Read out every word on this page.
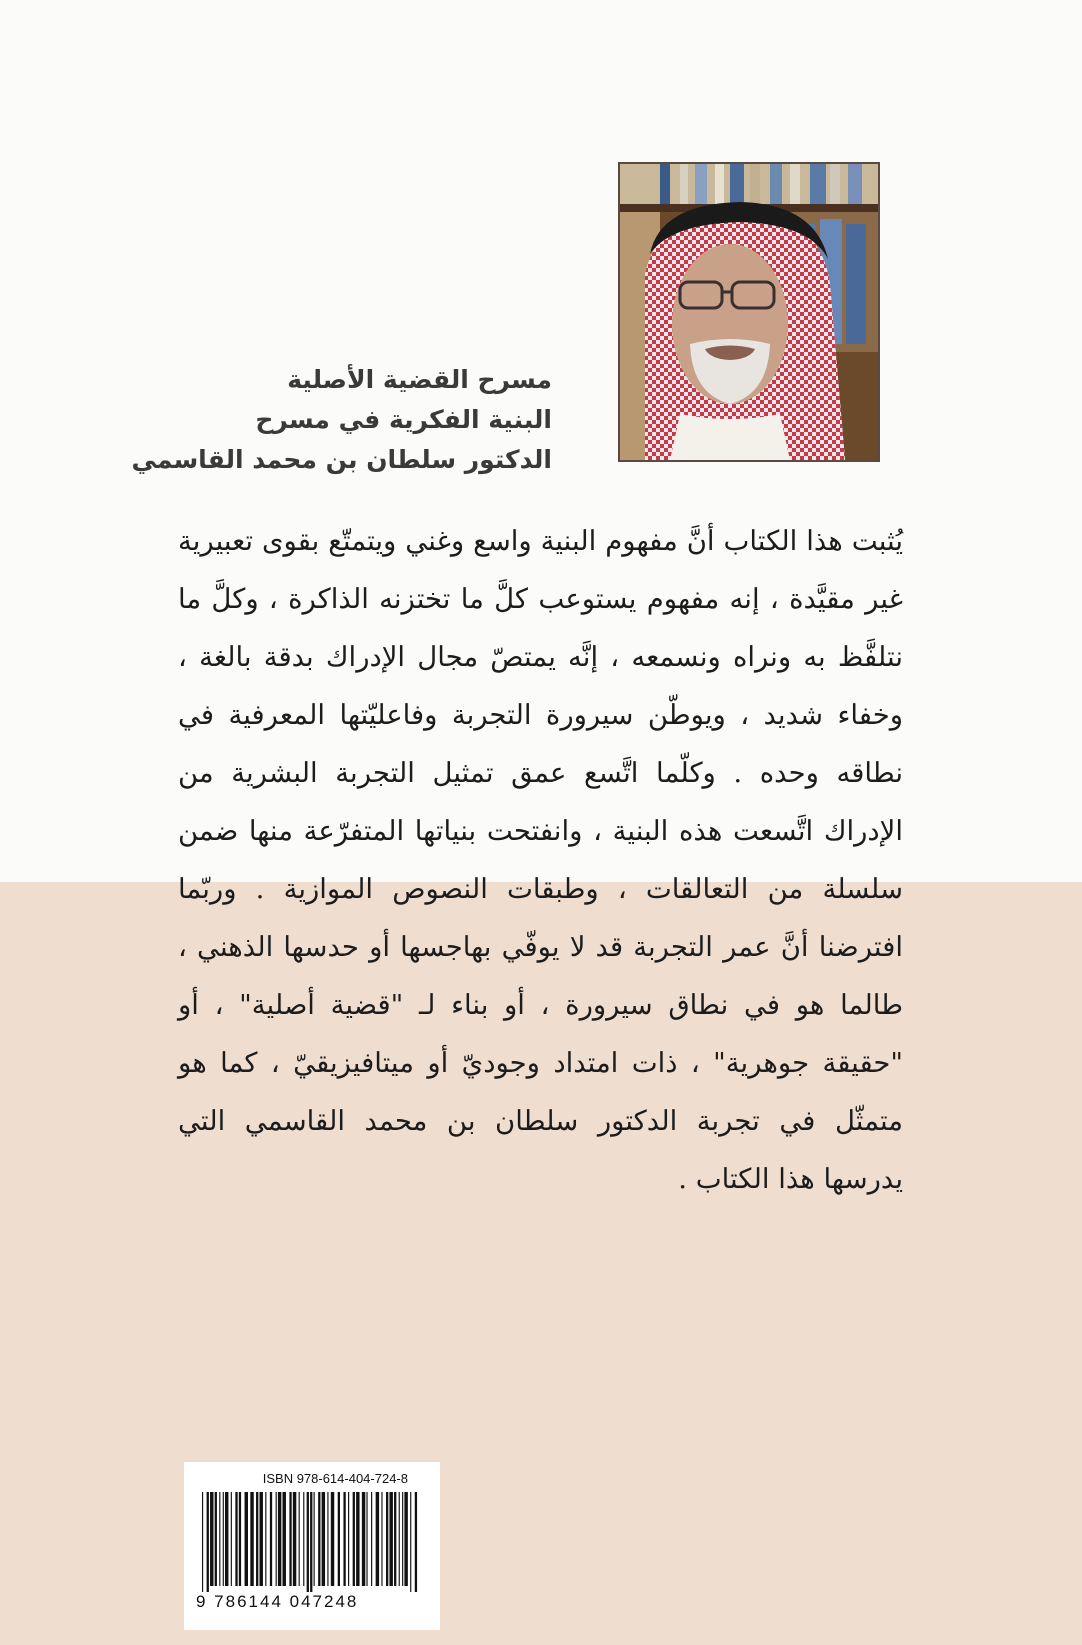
مسرح القضية الأصلية
البنية الفكرية في مسرح
الدكتور سلطان بن محمد القاسمي
يُثبت هذا الكتاب أنَّ مفهوم البنية واسع وغني ويتمتّع بقوى تعبيرية غير مقيَّدة ، إنه مفهوم يستوعب كلَّ ما تختزنه الذاكرة ، وكلَّ ما نتلفَّظ به ونراه ونسمعه ، إنَّه يمتصّ مجال الإدراك بدقة بالغة ، وخفاء شديد ، ويوطّن سيرورة التجربة وفاعليّتها المعرفية في نطاقه وحده . وكلّما اتَّسع عمق تمثيل التجربة البشرية من الإدراك اتَّسعت هذه البنية ، وانفتحت بنياتها المتفرّعة منها ضمن سلسلة من التعالقات ، وطبقات النصوص الموازية . وربّما افترضنا أنَّ عمر التجربة قد لا يوفّي بهاجسها أو حدسها الذهني ، طالما هو في نطاق سيرورة ، أو بناء لـ "قضية أصلية" ، أو "حقيقة جوهرية" ، ذات امتداد وجوديّ أو ميتافيزيقيّ ، كما هو متمثّل في تجربة الدكتور سلطان بن محمد القاسمي التي يدرسها هذا الكتاب .
ISBN 978-614-404-724-8
9 786144 047248
